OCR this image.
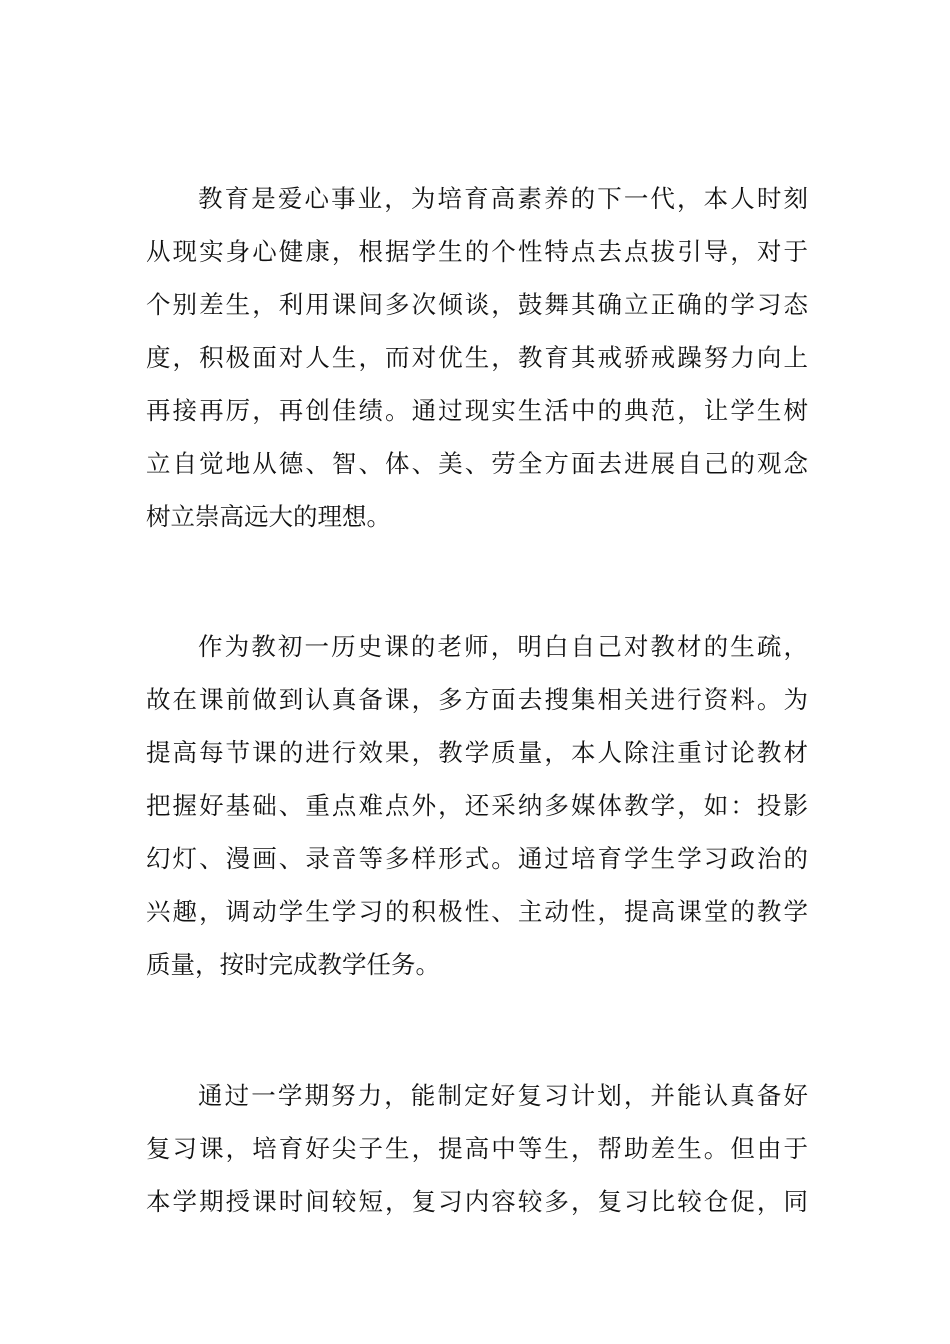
教育是爱心事业，为培育高素养的下一代，本人时刻
从现实身心健康，根据学生的个性特点去点拔引导，对于
个别差生，利用课间多次倾谈，鼓舞其确立正确的学习态
度，积极面对人生，而对优生，教育其戒骄戒躁努力向上
再接再厉，再创佳绩。通过现实生活中的典范，让学生树
立自觉地从德、智、体、美、劳全方面去进展自己的观念
树立崇高远大的理想。
作为教初一历史课的老师，明白自己对教材的生疏，
故在课前做到认真备课，多方面去搜集相关进行资料。为
提高每节课的进行效果，教学质量，本人除注重讨论教材
把握好基础、重点难点外，还采纳多媒体教学，如：投影
幻灯、漫画、录音等多样形式。通过培育学生学习政治的
兴趣，调动学生学习的积极性、主动性，提高课堂的教学
质量，按时完成教学任务。
通过一学期努力，能制定好复习计划，并能认真备好
复习课，培育好尖子生，提高中等生，帮助差生。但由于
本学期授课时间较短，复习内容较多，复习比较仓促，同
